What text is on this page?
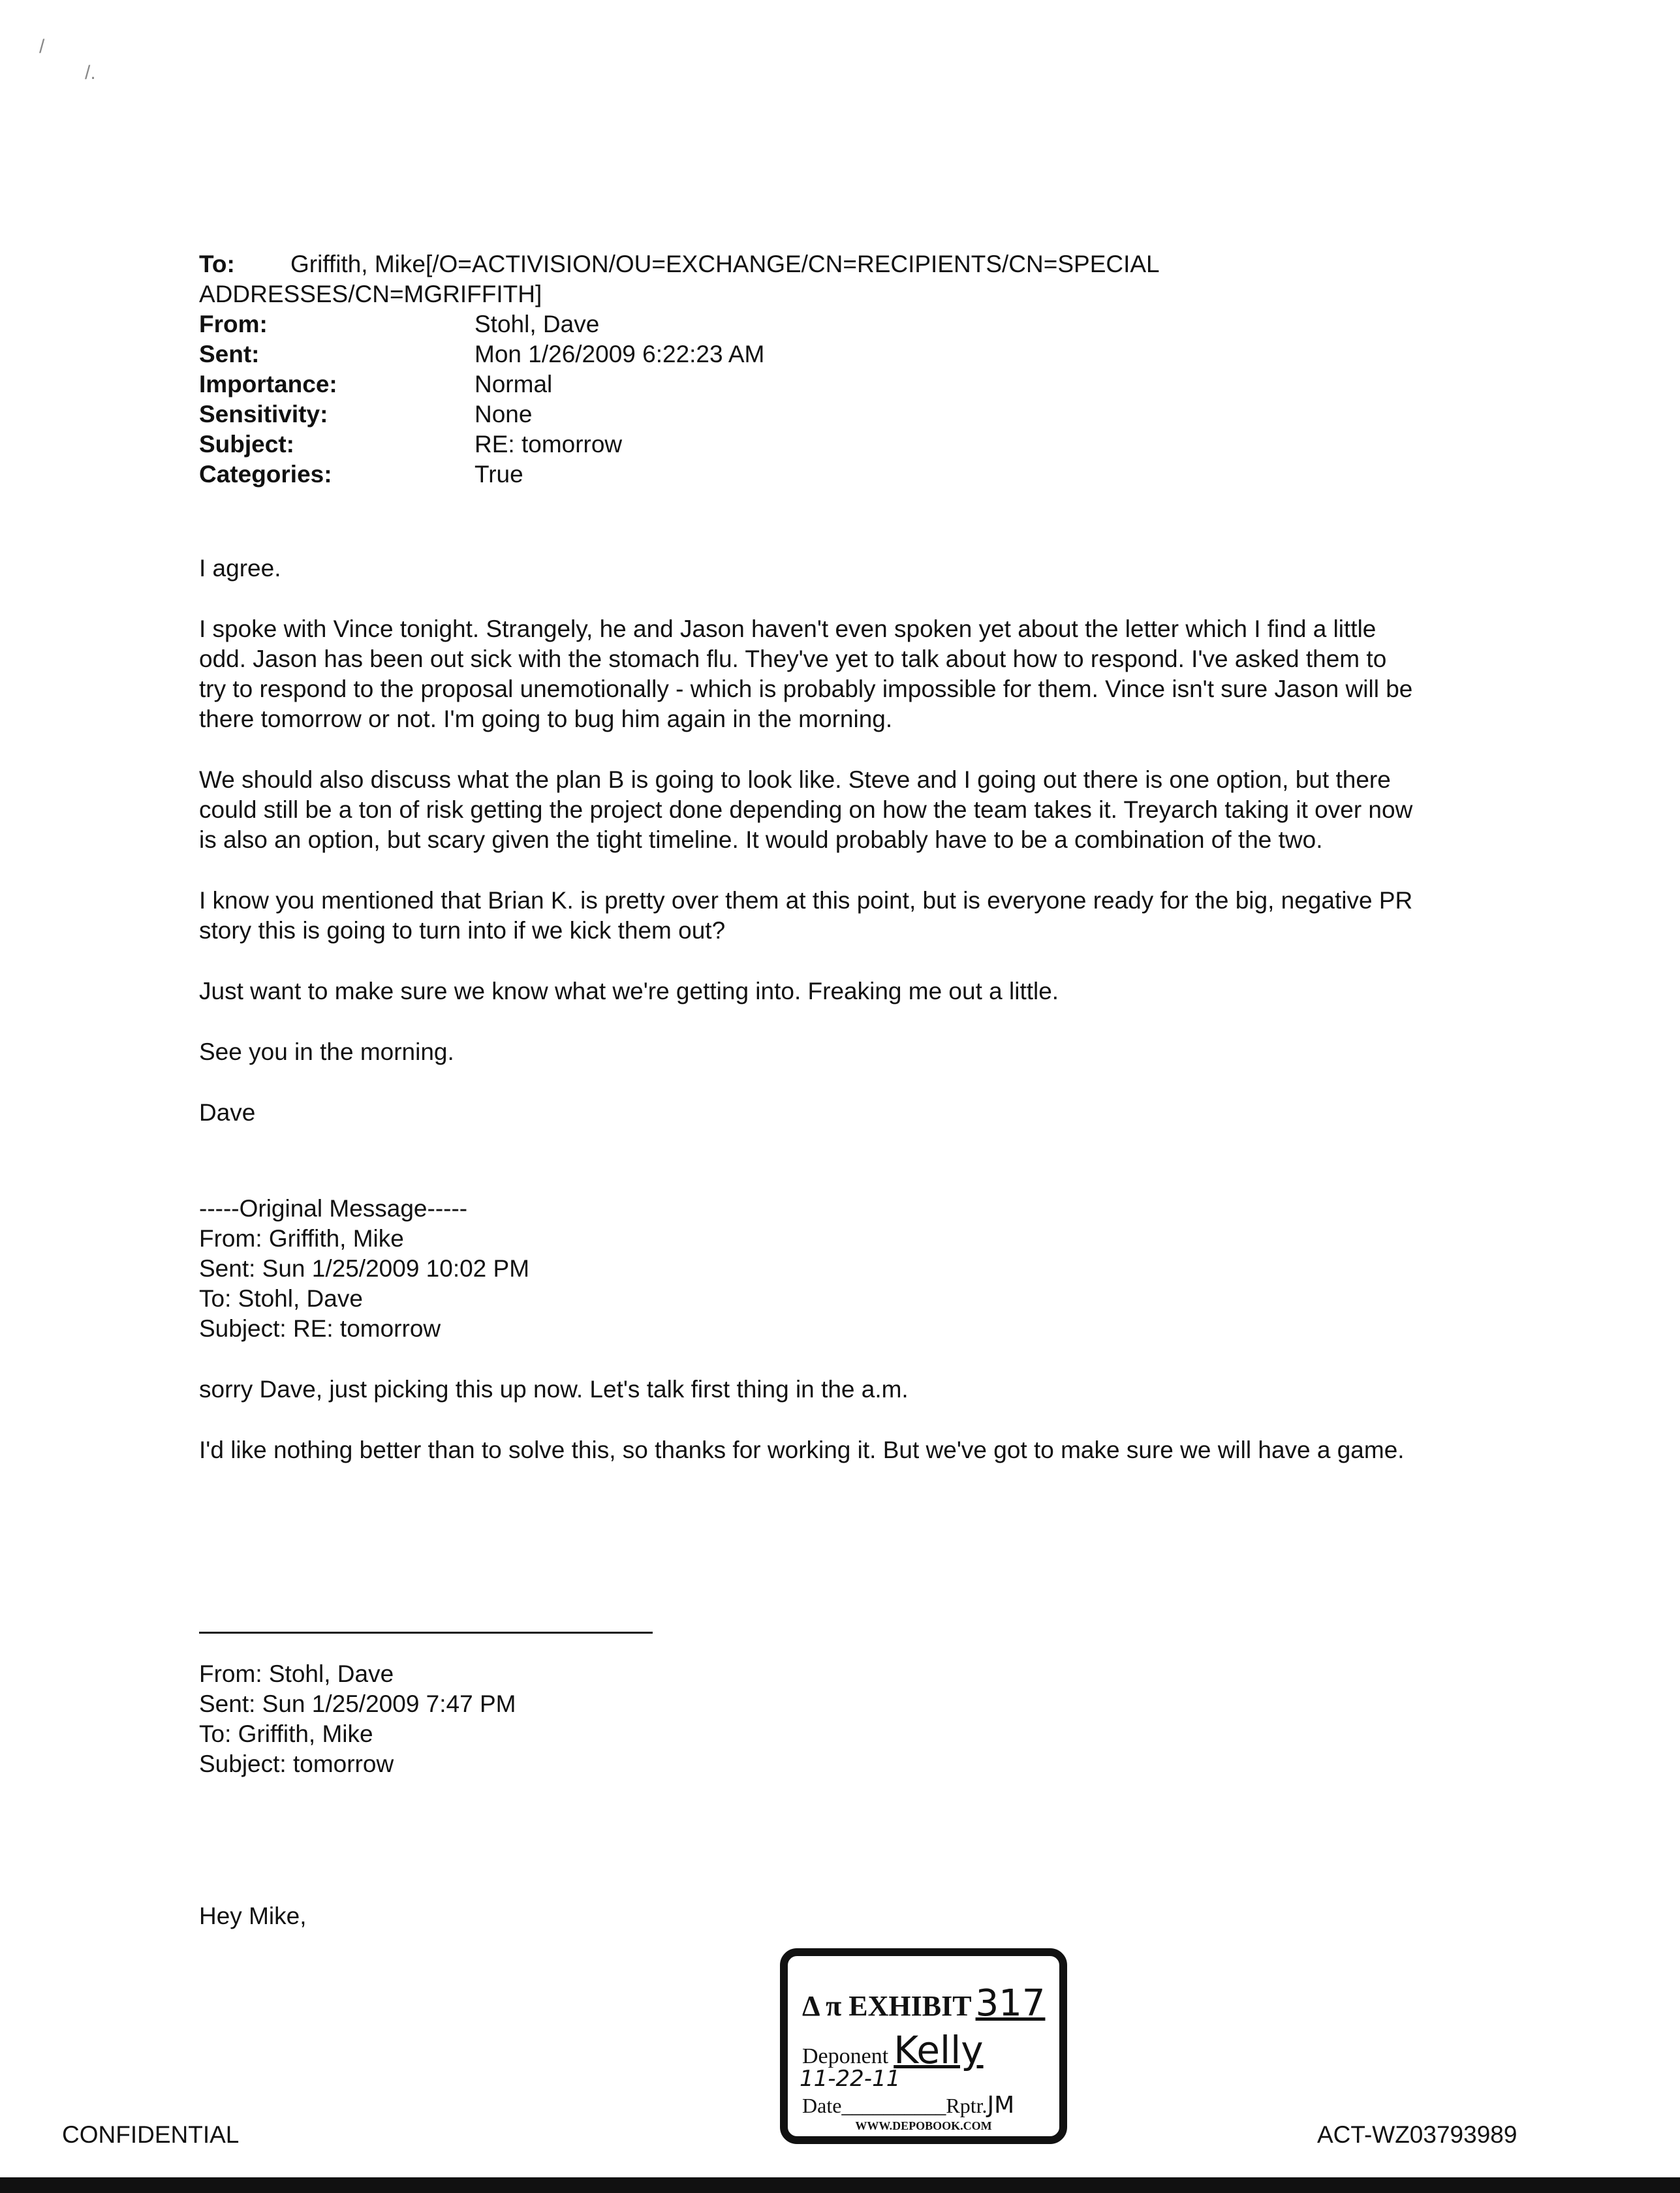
To: Griffith, Mike[/O=ACTIVISION/OU=EXCHANGE/CN=RECIPIENTS/CN=SPECIAL
ADDRESSES/CN=MGRIFFITH]
From:	Stohl, Dave
Sent:	Mon 1/26/2009 6:22:23 AM
Importance:	Normal
Sensitivity:	None
Subject:	RE: tomorrow
Categories:	True

I agree.

I spoke with Vince tonight. Strangely, he and Jason haven't even spoken yet about the letter which I find a little odd. Jason has been out sick with the stomach flu. They've yet to talk about how to respond. I've asked them to try to respond to the proposal unemotionally - which is probably impossible for them. Vince isn't sure Jason will be there tomorrow or not. I'm going to bug him again in the morning.

We should also discuss what the plan B is going to look like. Steve and I going out there is one option, but there could still be a ton of risk getting the project done depending on how the team takes it. Treyarch taking it over now is also an option, but scary given the tight timeline. It would probably have to be a combination of the two.

I know you mentioned that Brian K. is pretty over them at this point, but is everyone ready for the big, negative PR story this is going to turn into if we kick them out?

Just want to make sure we know what we're getting into. Freaking me out a little.

See you in the morning.

Dave

-----Original Message-----
From: Griffith, Mike
Sent: Sun 1/25/2009 10:02 PM
To: Stohl, Dave
Subject: RE: tomorrow

sorry Dave, just picking this up now. Let's talk first thing in the a.m.

I'd like nothing better than to solve this, so thanks for working it. But we've got to make sure we will have a game.

From: Stohl, Dave
Sent: Sun 1/25/2009 7:47 PM
To: Griffith, Mike
Subject: tomorrow
Hey Mike,
Δ π EXHIBIT 317
Deponent Kelly
11-22-11
Date__________Rptr.JM
WWW.DEPOBOOK.COM
CONFIDENTIAL	ACT-WZ03793989
/
/.
